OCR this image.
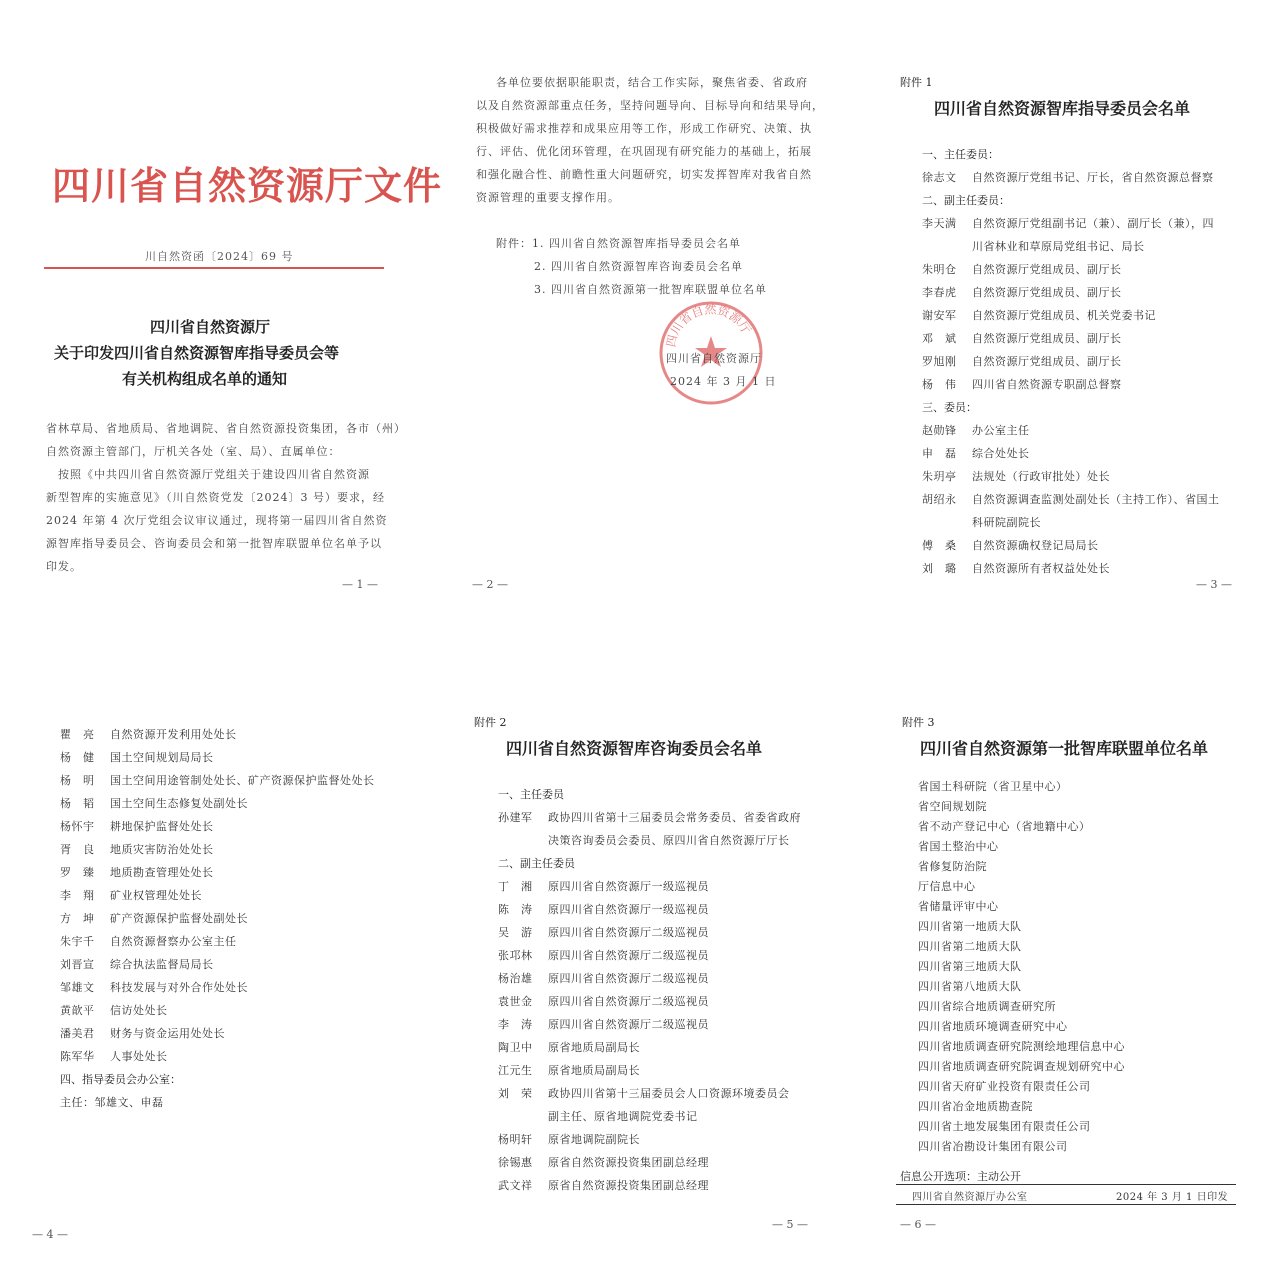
四川省自然资源厅文件
川自然资函〔2024〕69 号
四川省自然资源厅
关于印发四川省自然资源智库指导委员会等
有关机构组成名单的通知
省林草局、省地质局、省地调院、省自然资源投资集团，各市（州）
自然资源主管部门，厅机关各处（室、局）、直属单位：
　按照《中共四川省自然资源厅党组关于建设四川省自然资源
新型智库的实施意见》（川自然资党发〔2024〕3 号）要求，经
2024 年第 4 次厅党组会议审议通过，现将第一届四川省自然资
源智库指导委员会、咨询委员会和第一批智库联盟单位名单予以
印发。
— 1 —
各单位要依据职能职责，结合工作实际，聚焦省委、省政府
以及自然资源部重点任务，坚持问题导向、目标导向和结果导向，
积极做好需求推荐和成果应用等工作，形成工作研究、决策、执
行、评估、优化闭环管理，在巩固现有研究能力的基础上，拓展
和强化融合性、前瞻性重大问题研究，切实发挥智库对我省自然
资源管理的重要支撑作用。
附件：1. 四川省自然资源智库指导委员会名单
2. 四川省自然资源智库咨询委员会名单
3. 四川省自然资源第一批智库联盟单位名单
四川省自然资源厅
四川省自然资源厅
2024 年 3 月 1 日
— 2 —
附件 1
四川省自然资源智库指导委员会名单
一、主任委员：
徐志文 自然资源厅党组书记、厅长，省自然资源总督察
二、副主任委员：
李天满 自然资源厅党组副书记（兼）、副厅长（兼），四
川省林业和草原局党组书记、局长
朱明仓 自然资源厅党组成员、副厅长
李春虎 自然资源厅党组成员、副厅长
谢安军 自然资源厅党组成员、机关党委书记
邓　斌 自然资源厅党组成员、副厅长
罗旭刚 自然资源厅党组成员、副厅长
杨　伟 四川省自然资源专职副总督察
三、委员：
赵勋锋 办公室主任
申　磊 综合处处长
朱玥亭 法规处（行政审批处）处长
胡绍永 自然资源调查监测处副处长（主持工作）、省国土
科研院副院长
傅　桑 自然资源确权登记局局长
刘　璐 自然资源所有者权益处处长
— 3 —
瞿　亮 自然资源开发利用处处长
杨　健 国土空间规划局局长
杨　明 国土空间用途管制处处长、矿产资源保护监督处处长
杨　韬 国土空间生态修复处副处长
杨怀宇 耕地保护监督处处长
胥　良 地质灾害防治处处长
罗　臻 地质勘查管理处处长
李　翔 矿业权管理处处长
方　坤 矿产资源保护监督处副处长
朱宇千 自然资源督察办公室主任
刘晋宣 综合执法监督局局长
邹雄文 科技发展与对外合作处处长
黄歆平 信访处处长
潘美君 财务与资金运用处处长
陈军华 人事处处长
四、指导委员会办公室：
主任：邹雄文、申磊
— 4 —
附件 2
四川省自然资源智库咨询委员会名单
一、主任委员
孙建军 政协四川省第十三届委员会常务委员、省委省政府
决策咨询委员会委员、原四川省自然资源厅厅长
二、副主任委员
丁　湘 原四川省自然资源厅一级巡视员
陈　涛 原四川省自然资源厅一级巡视员
吴　游 原四川省自然资源厅二级巡视员
张邛林 原四川省自然资源厅二级巡视员
杨治雄 原四川省自然资源厅二级巡视员
袁世金 原四川省自然资源厅二级巡视员
李　涛 原四川省自然资源厅二级巡视员
陶卫中 原省地质局副局长
江元生 原省地质局副局长
刘　荣 政协四川省第十三届委员会人口资源环境委员会
副主任、原省地调院党委书记
杨明轩 原省地调院副院长
徐锡惠 原省自然资源投资集团副总经理
武文祥 原省自然资源投资集团副总经理
— 5 —
附件 3
四川省自然资源第一批智库联盟单位名单
省国土科研院（省卫星中心）
省空间规划院
省不动产登记中心（省地籍中心）
省国土整治中心
省修复防治院
厅信息中心
省储量评审中心
四川省第一地质大队
四川省第二地质大队
四川省第三地质大队
四川省第八地质大队
四川省综合地质调查研究所
四川省地质环境调查研究中心
四川省地质调查研究院测绘地理信息中心
四川省地质调查研究院调查规划研究中心
四川省天府矿业投资有限责任公司
四川省冶金地质勘查院
四川省土地发展集团有限责任公司
四川省冶勘设计集团有限公司
信息公开选项：主动公开
四川省自然资源厅办公室	2024 年 3 月 1 日印发
— 6 —
